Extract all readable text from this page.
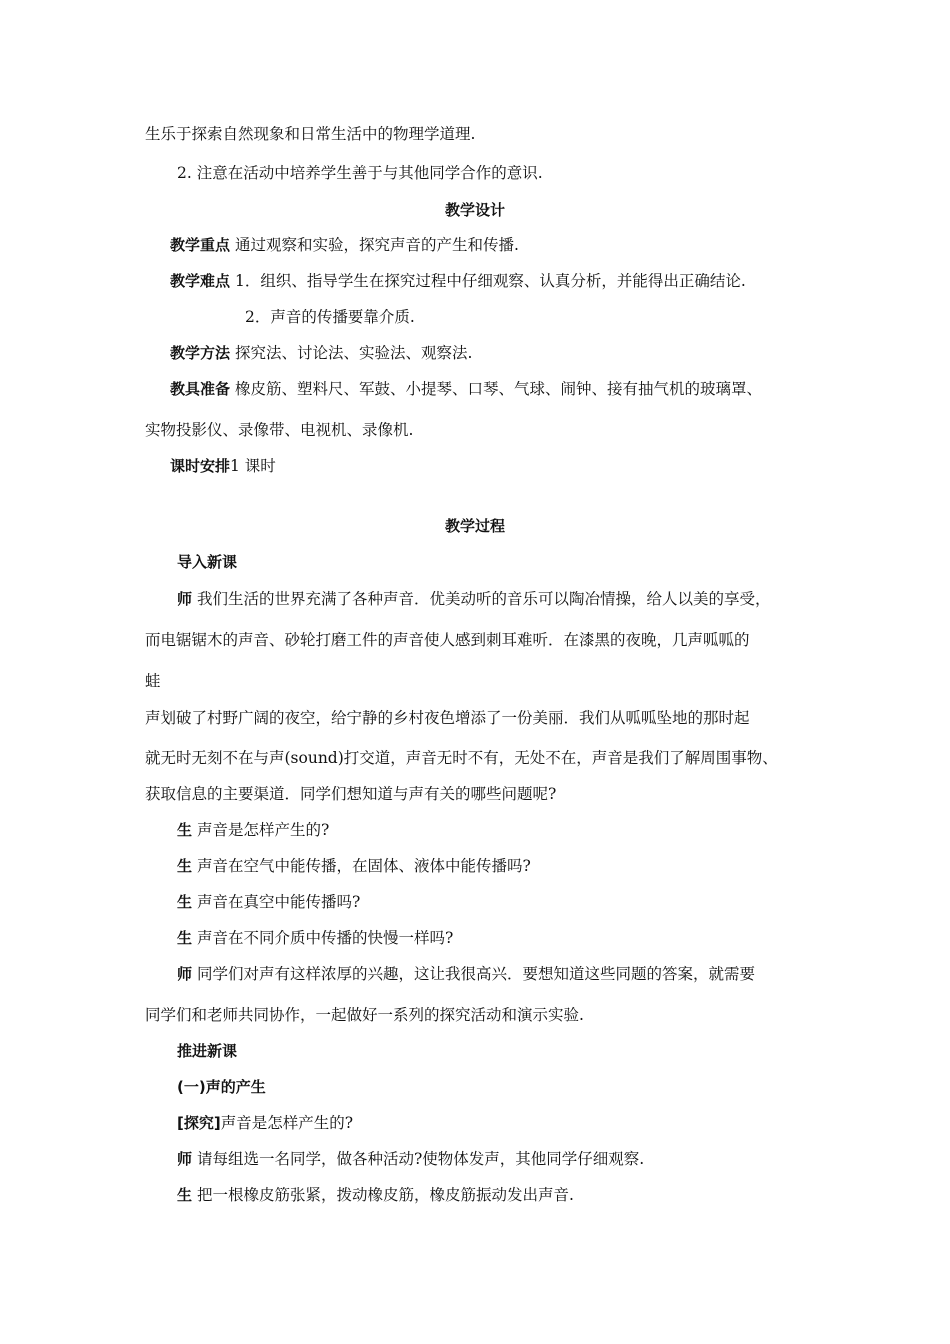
生乐于探索自然现象和日常生活中的物理学道理.
2. 注意在活动中培养学生善于与其他同学合作的意识.
教学设计
教学重点 通过观察和实验，探究声音的产生和传播.
教学难点 1．组织、指导学生在探究过程中仔细观察、认真分析，并能得出正确结论.
2．声音的传播要靠介质.
教学方法 探究法、讨论法、实验法、观察法.
教具准备 橡皮筋、塑料尺、军鼓、小提琴、口琴、气球、闹钟、接有抽气机的玻璃罩、
实物投影仪、录像带、电视机、录像机.
课时安排1 课时
教学过程
导入新课
师 我们生活的世界充满了各种声音．优美动听的音乐可以陶冶情操，给人以美的享受，
而电锯锯木的声音、砂轮打磨工件的声音使人感到刺耳难听．在漆黑的夜晚，几声呱呱的
蛙
声划破了村野广阔的夜空，给宁静的乡村夜色增添了一份美丽．我们从呱呱坠地的那时起
就无时无刻不在与声(sound)打交道，声音无时不有，无处不在，声音是我们了解周围事物、
获取信息的主要渠道．同学们想知道与声有关的哪些问题呢?
生 声音是怎样产生的?
生 声音在空气中能传播，在固体、液体中能传播吗?
生 声音在真空中能传播吗?
生 声音在不同介质中传播的快慢一样吗?
师 同学们对声有这样浓厚的兴趣，这让我很高兴．要想知道这些同题的答案，就需要
同学们和老师共同协作，一起做好一系列的探究活动和演示实验.
推进新课
(一)声的产生
[探究]声音是怎样产生的?
师 请每组选一名同学，做各种活动?使物体发声，其他同学仔细观察.
生 把一根橡皮筋张紧，拨动橡皮筋，橡皮筋振动发出声音.
